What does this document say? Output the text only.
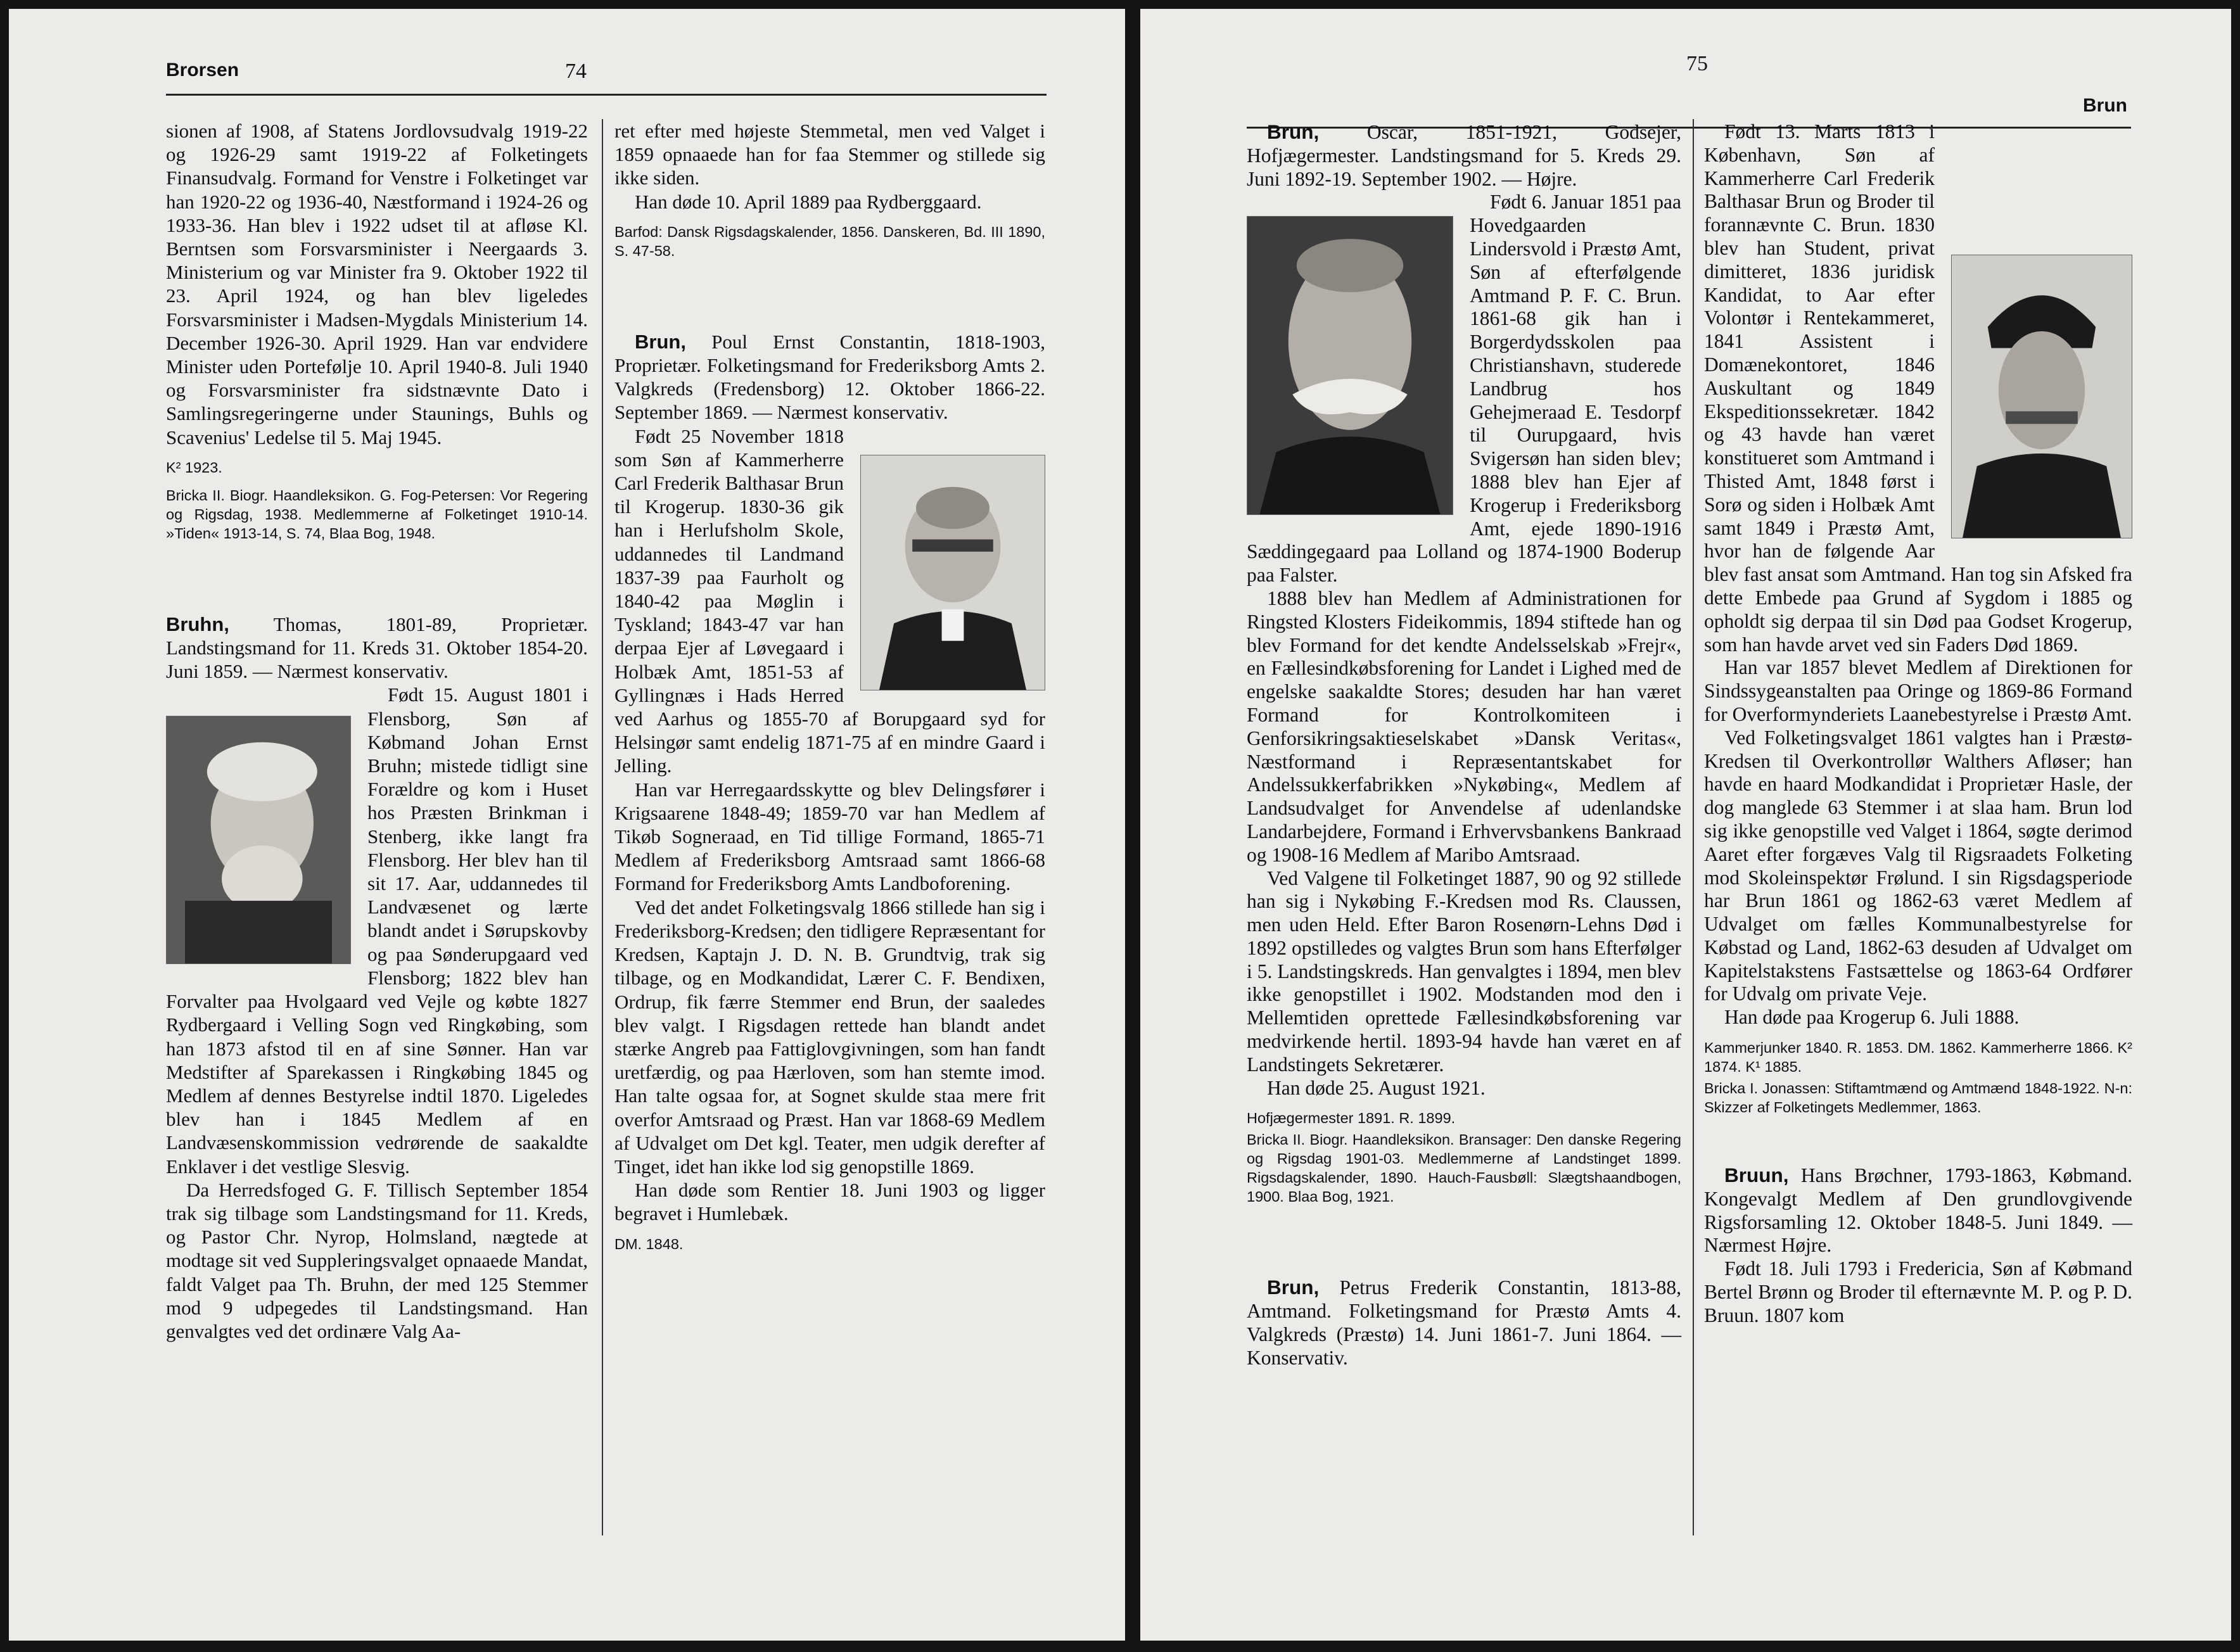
Brorsen	74

sionen af 1908, af Statens Jordlovsudvalg 1919-22 og 1926-29 samt 1919-22 af Folketingets Finansudvalg. Formand for Venstre i Folketinget var han 1920-22 og 1936-40, Næstformand i 1924-26 og 1933-36. Han blev i 1922 udset til at afløse Kl. Berntsen som Forsvarsminister i Neergaards 3. Ministerium og var Minister fra 9. Oktober 1922 til 23. April 1924, og han blev ligeledes Forsvarsminister i Madsen-Mygdals Ministerium 14. December 1926-30. April 1929. Han var endvidere Minister uden Portefølje 10. April 1940-8. Juli 1940 og Forsvarsminister fra sidstnævnte Dato i Samlingsregeringerne under Staunings, Buhls og Scavenius' Ledelse til 5. Maj 1945.

K² 1923.

Bricka II. Biogr. Haandleksikon. G. Fog-Petersen: Vor Regering og Rigsdag, 1938. Medlemmerne af Folketinget 1910-14. »Tiden« 1913-14, S. 74, Blaa Bog, 1948.

Bruhn, Thomas, 1801-89, Proprietær. Landstingsmand for 11. Kreds 31. Oktober 1854-20. Juni 1859. — Nærmest konservativ.

Født 15. August 1801 i Flensborg, Søn af Købmand Johan Ernst Bruhn; mistede tidligt sine Forældre og kom i Huset hos Præsten Brinkman i Stenberg, ikke langt fra Flensborg. Her blev han til sit 17. Aar, uddannedes til Landvæsenet og lærte blandt andet i Sørupskovby og paa Sønderupgaard ved Flensborg; 1822 blev han Forvalter paa Hvolgaard ved Vejle og købte 1827 Rydbergaard i Velling Sogn ved Ringkøbing, som han 1873 afstod til en af sine Sønner. Han var Medstifter af Sparekassen i Ringkøbing 1845 og Medlem af dennes Bestyrelse indtil 1870. Ligeledes blev han i 1845 Medlem af en Landvæsenskommission vedrørende de saakaldte Enklaver i det vestlige Slesvig.

Da Herredsfoged G. F. Tillisch September 1854 trak sig tilbage som Landstingsmand for 11. Kreds, og Pastor Chr. Nyrop, Holmsland, nægtede at modtage sit ved Suppleringsvalget opnaaede Mandat, faldt Valget paa Th. Bruhn, der med 125 Stemmer mod 9 udpegedes til Landstingsmand. Han genvalgtes ved det ordinære Valg Aa-

ret efter med højeste Stemmetal, men ved Valget i 1859 opnaaede han for faa Stemmer og stillede sig ikke siden.

Han døde 10. April 1889 paa Rydberggaard.

Barfod: Dansk Rigsdagskalender, 1856. Danskeren, Bd. III 1890, S. 47-58.

Brun, Poul Ernst Constantin, 1818-1903, Proprietær. Folketingsmand for Frederiksborg Amts 2. Valgkreds (Fredensborg) 12. Oktober 1866-22. September 1869. — Nærmest konservativ.

Født 25 November 1818 som Søn af Kammerherre Carl Frederik Balthasar Brun til Krogerup. 1830-36 gik han i Herlufsholm Skole, uddannedes til Landmand 1837-39 paa Faurholt og 1840-42 paa Møglin i Tyskland; 1843-47 var han derpaa Ejer af Løvegaard i Holbæk Amt, 1851-53 af Gyllingnæs i Hads Herred ved Aarhus og 1855-70 af Borupgaard syd for Helsingør samt endelig 1871-75 af en mindre Gaard i Jelling.

Han var Herregaardsskytte og blev Delingsfører i Krigsaarene 1848-49; 1859-70 var han Medlem af Tikøb Sogneraad, en Tid tillige Formand, 1865-71 Medlem af Frederiksborg Amtsraad samt 1866-68 Formand for Frederiksborg Amts Landboforening.

Ved det andet Folketingsvalg 1866 stillede han sig i Frederiksborg-Kredsen; den tidligere Repræsentant for Kredsen, Kaptajn J. D. N. B. Grundtvig, trak sig tilbage, og en Modkandidat, Lærer C. F. Bendixen, Ordrup, fik færre Stemmer end Brun, der saaledes blev valgt. I Rigsdagen rettede han blandt andet stærke Angreb paa Fattiglovgivningen, som han fandt uretfærdig, og paa Hærloven, som han stemte imod. Han talte ogsaa for, at Sognet skulde staa mere frit overfor Amtsraad og Præst. Han var 1868-69 Medlem af Udvalget om Det kgl. Teater, men udgik derefter af Tinget, idet han ikke lod sig genopstille 1869.

Han døde som Rentier 18. Juni 1903 og ligger begravet i Humlebæk.

DM. 1848.

75
Brun

Brun, Oscar, 1851-1921, Godsejer, Hofjægermester. Landstingsmand for 5. Kreds 29. Juni 1892-19. September 1902. — Højre.

Født 6. Januar 1851 paa Hovedgaarden Lindersvold i Præstø Amt, Søn af efterfølgende Amtmand P. F. C. Brun. 1861-68 gik han i Borgerdydsskolen paa Christianshavn, studerede Landbrug hos Gehejmeraad E. Tesdorpf til Ourupgaard, hvis Svigersøn han siden blev; 1888 blev han Ejer af Krogerup i Frederiksborg Amt, ejede 1890-1916 Sæddingegaard paa Lolland og 1874-1900 Boderup paa Falster.

1888 blev han Medlem af Administrationen for Ringsted Klosters Fideikommis, 1894 stiftede han og blev Formand for det kendte Andelsselskab »Frejr«, en Fællesindkøbsforening for Landet i Lighed med de engelske saakaldte Stores; desuden har han været Formand for Kontrolkomiteen i Genforsikringsaktieselskabet »Dansk Veritas«, Næstformand i Repræsentantskabet for Andelssukkerfabrikken »Nykøbing«, Medlem af Landsudvalget for Anvendelse af udenlandske Landarbejdere, Formand i Erhvervsbankens Bankraad og 1908-16 Medlem af Maribo Amtsraad.

Ved Valgene til Folketinget 1887, 90 og 92 stillede han sig i Nykøbing F.-Kredsen mod Rs. Claussen, men uden Held. Efter Baron Rosenørn-Lehns Død i 1892 opstilledes og valgtes Brun som hans Efterfølger i 5. Landstingskreds. Han genvalgtes i 1894, men blev ikke genopstillet i 1902. Modstanden mod den i Mellemtiden oprettede Fællesindkøbsforening var medvirkende hertil. 1893-94 havde han været en af Landstingets Sekretærer.

Han døde 25. August 1921.

Hofjægermester 1891. R. 1899.

Bricka II. Biogr. Haandleksikon. Bransager: Den danske Regering og Rigsdag 1901-03. Medlemmerne af Landstinget 1899. Rigsdagskalender, 1890. Hauch-Fausbøll: Slægtshaandbogen, 1900. Blaa Bog, 1921.

Brun, Petrus Frederik Constantin, 1813-88, Amtmand. Folketingsmand for Præstø Amts 4. Valgkreds (Præstø) 14. Juni 1861-7. Juni 1864. — Konservativ.

Født 13. Marts 1813 i København, Søn af Kammerherre Carl Frederik Balthasar Brun og Broder til forannævnte C. Brun. 1830 blev han Student, privat dimitteret, 1836 juridisk Kandidat, to Aar efter Volontør i Rentekammeret, 1841 Assistent i Domænekontoret, 1846 Auskultant og 1849 Ekspeditionssekretær. 1842 og 43 havde han været konstitueret som Amtmand i Thisted Amt, 1848 først i Sorø og siden i Holbæk Amt samt 1849 i Præstø Amt, hvor han de følgende Aar blev fast ansat som Amtmand. Han tog sin Afsked fra dette Embede paa Grund af Sygdom i 1885 og opholdt sig derpaa til sin Død paa Godset Krogerup, som han havde arvet ved sin Faders Død 1869.

Han var 1857 blevet Medlem af Direktionen for Sindssygeanstalten paa Oringe og 1869-86 Formand for Overformynderiets Laanebestyrelse i Præstø Amt.

Ved Folketingsvalget 1861 valgtes han i Præstø-Kredsen til Overkontrollør Walthers Afløser; han havde en haard Modkandidat i Proprietær Hasle, der dog manglede 63 Stemmer i at slaa ham. Brun lod sig ikke genopstille ved Valget i 1864, søgte derimod Aaret efter forgæves Valg til Rigsraadets Folketing mod Skoleinspektør Frølund. I sin Rigsdagsperiode har Brun 1861 og 1862-63 været Medlem af Udvalget om fælles Kommunalbestyrelse for Købstad og Land, 1862-63 desuden af Udvalget om Kapitelstakstens Fastsættelse og 1863-64 Ordfører for Udvalg om private Veje.

Han døde paa Krogerup 6. Juli 1888.

Kammerjunker 1840. R. 1853. DM. 1862. Kammerherre 1866. K² 1874. K¹ 1885.

Bricka I. Jonassen: Stiftamtmænd og Amtmænd 1848-1922. N-n: Skizzer af Folketingets Medlemmer, 1863.

Bruun, Hans Brøchner, 1793-1863, Købmand. Kongevalgt Medlem af Den grundlovgivende Rigsforsamling 12. Oktober 1848-5. Juni 1849. — Nærmest Højre.

Født 18. Juli 1793 i Fredericia, Søn af Købmand Bertel Brønn og Broder til efternævnte M. P. og P. D. Bruun. 1807 kom
